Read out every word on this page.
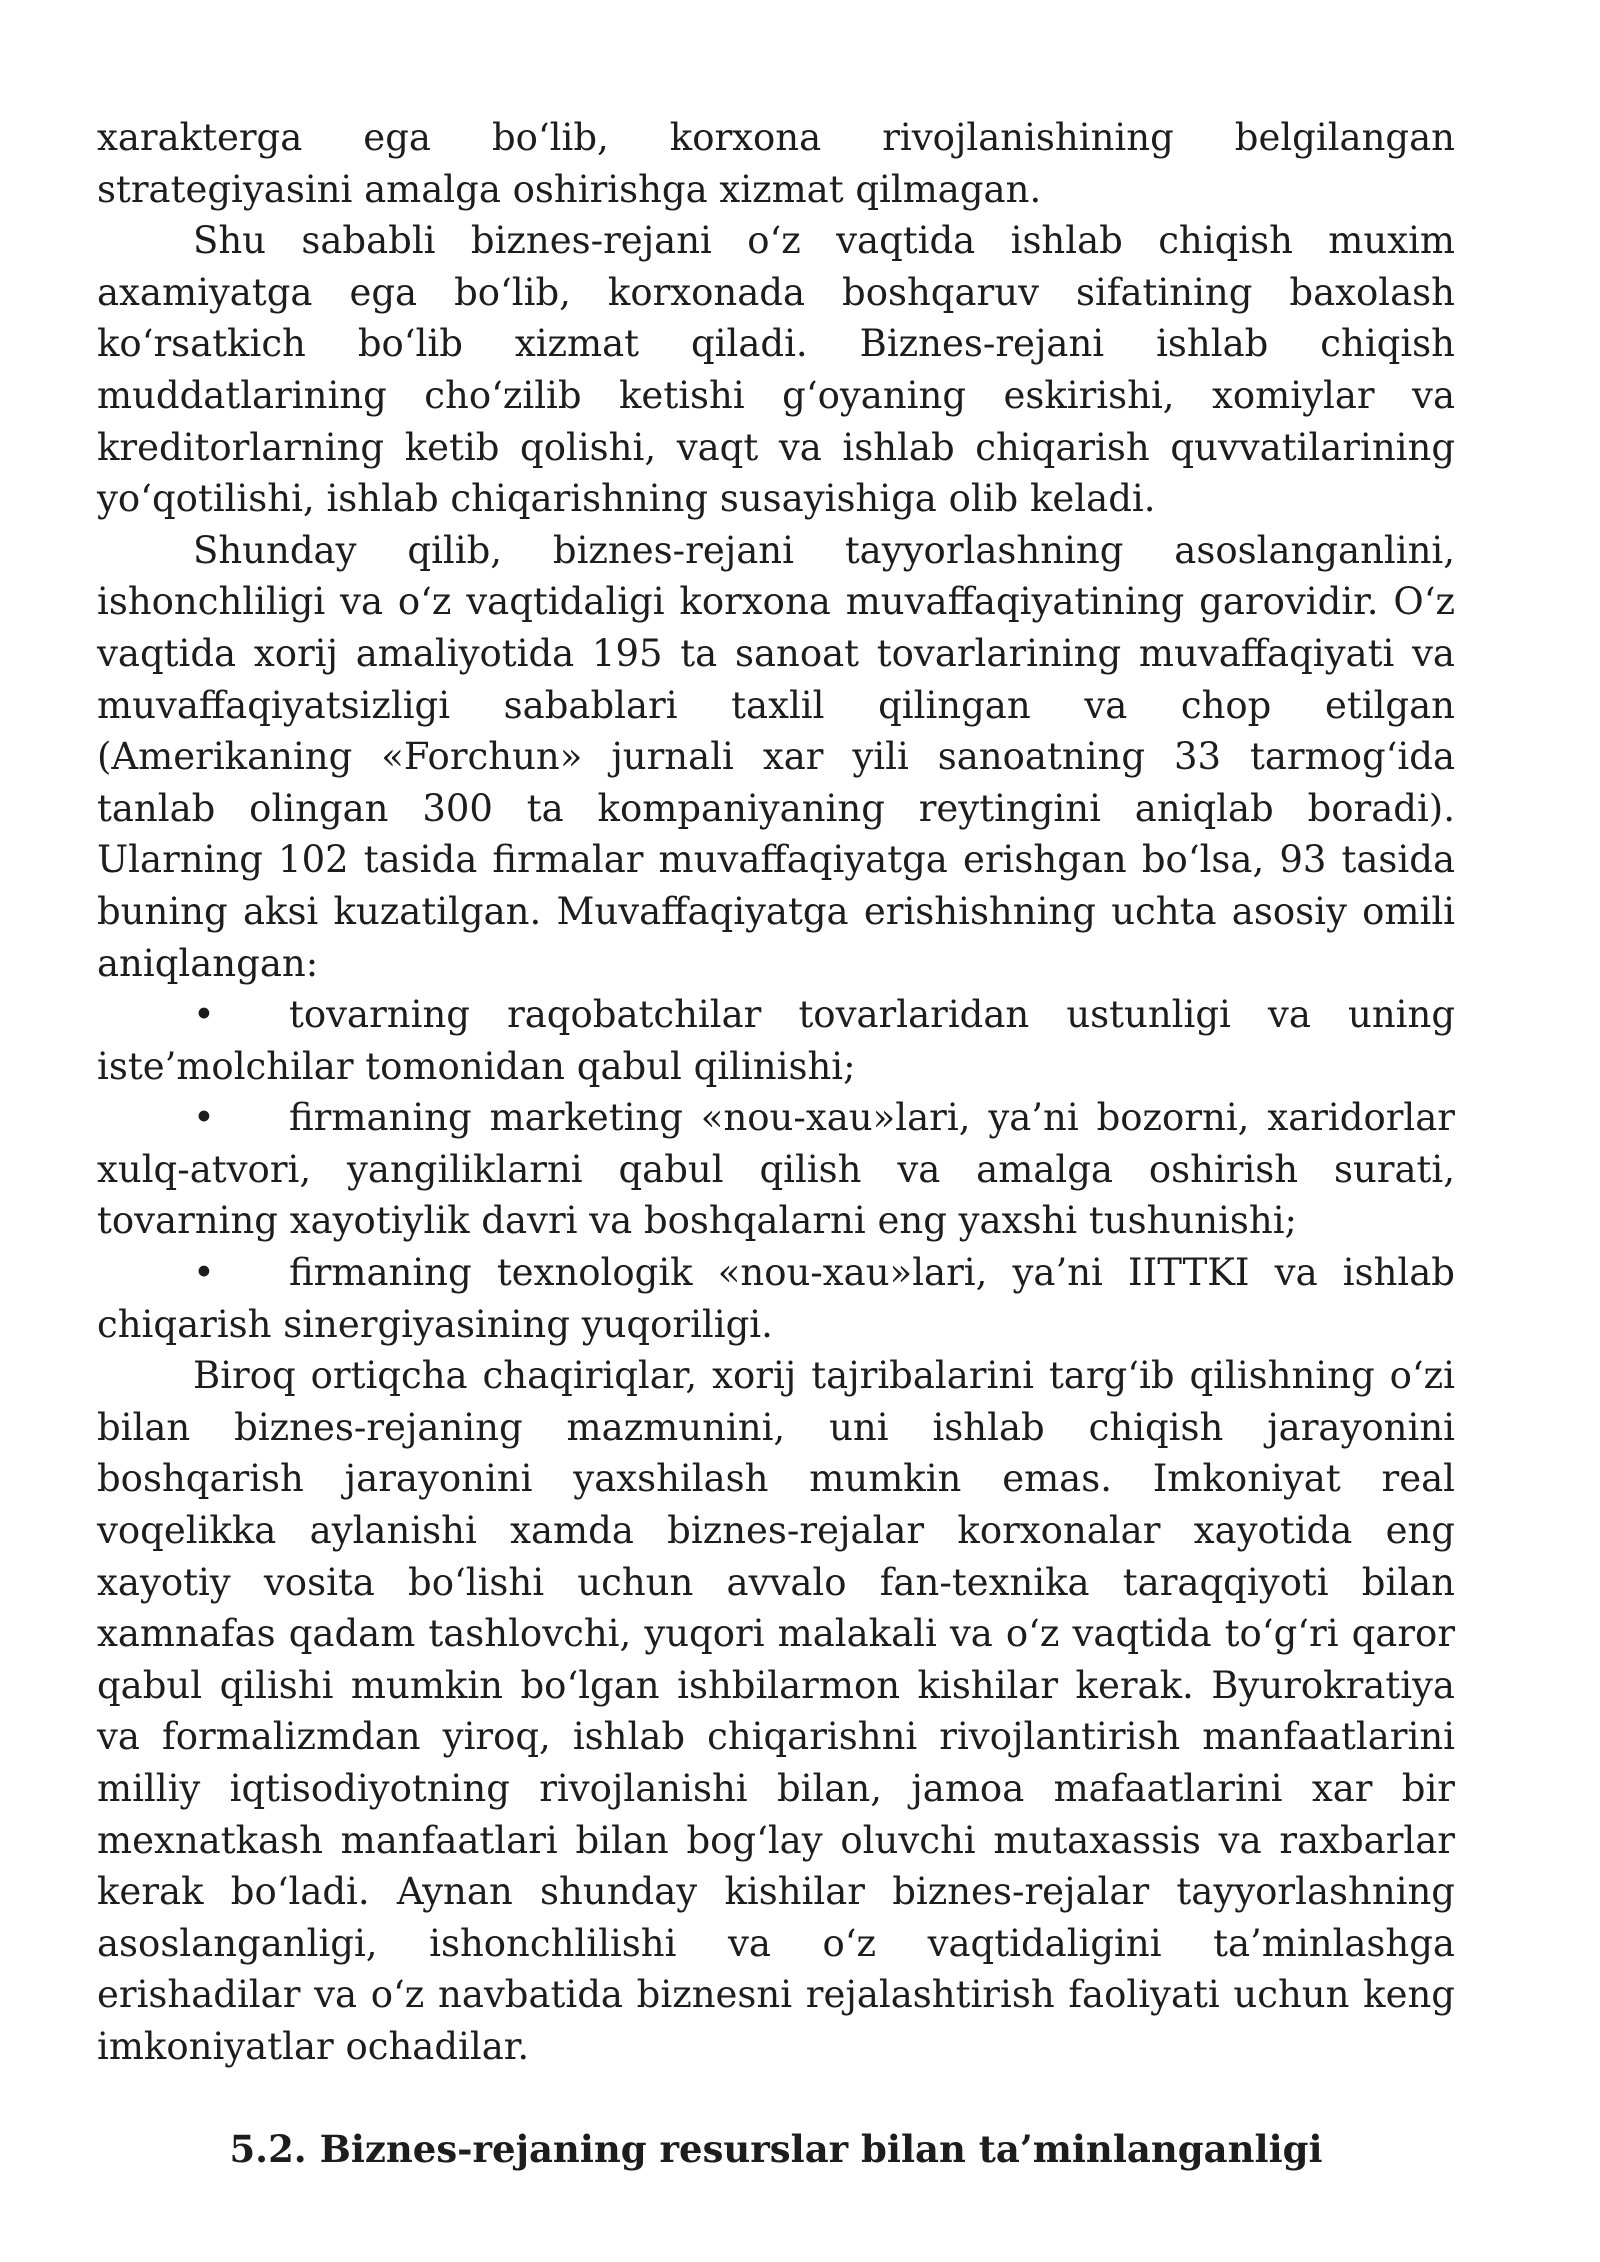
xarakterga ega bo‘lib, korxona rivojlanishining belgilangan strategiyasini amalga oshirishga xizmat qilmagan.

Shu sababli biznes-rejani o‘z vaqtida ishlab chiqish muxim axamiyatga ega bo‘lib, korxonada boshqaruv sifatining baxolash ko‘rsatkich bo‘lib xizmat qiladi. Biznes-rejani ishlab chiqish muddatlarining cho‘zilib ketishi g‘oyaning eskirishi, xomiylar va kreditorlarning ketib qolishi, vaqt va ishlab chiqarish quvvatilarining yo‘qotilishi, ishlab chiqarishning susayishiga olib keladi.

Shunday qilib, biznes-rejani tayyorlashning asoslanganlini, ishonchliligi va o‘z vaqtidaligi korxona muvaffaqiyatining garovidir. O‘z vaqtida xorij amaliyotida 195 ta sanoat tovarlarining muvaffaqiyati va muvaffaqiyatsizligi sabablari taxlil qilingan va chop etilgan (Amerikaning «Forchun» jurnali xar yili sanoatning 33 tarmog‘ida tanlab olingan 300 ta kompaniyaning reytingini aniqlab boradi). Ularning 102 tasida firmalar muvaffaqiyatga erishgan bo‘lsa, 93 tasida buning aksi kuzatilgan. Muvaffaqiyatga erishishning uchta asosiy omili aniqlangan:

• tovarning raqobatchilar tovarlaridan ustunligi va uning iste’molchilar tomonidan qabul qilinishi;

• firmaning marketing «nou-xau»lari, ya’ni bozorni, xaridorlar xulq-atvori, yangiliklarni qabul qilish va amalga oshirish surati, tovarning xayotiylik davri va boshqalarni eng yaxshi tushunishi;

• firmaning texnologik «nou-xau»lari, ya’ni IITTKI va ishlab chiqarish sinergiyasining yuqoriligi.

Biroq ortiqcha chaqiriqlar, xorij tajribalarini targ‘ib qilishning o‘zi bilan biznes-rejaning mazmunini, uni ishlab chiqish jarayonini boshqarish jarayonini yaxshilash mumkin emas. Imkoniyat real voqelikka aylanishi xamda biznes-rejalar korxonalar xayotida eng xayotiy vosita bo‘lishi uchun avvalo fan-texnika taraqqiyoti bilan xamnafas qadam tashlovchi, yuqori malakali va o‘z vaqtida to‘g‘ri qaror qabul qilishi mumkin bo‘lgan ishbilarmon kishilar kerak. Byurokratiya va formalizmdan yiroq, ishlab chiqarishni rivojlantirish manfaatlarini milliy iqtisodiyotning rivojlanishi bilan, jamoa mafaatlarini xar bir mexnatkash manfaatlari bilan bog‘lay oluvchi mutaxassis va raxbarlar kerak bo‘ladi. Aynan shunday kishilar biznes-rejalar tayyorlashning asoslanganligi, ishonchlilishi va o‘z vaqtidaligini ta’minlashga erishadilar va o‘z navbatida biznesni rejalashtirish faoliyati uchun keng imkoniyatlar ochadilar.

5.2. Biznes-rejaning resurslar bilan ta’minlanganligi
